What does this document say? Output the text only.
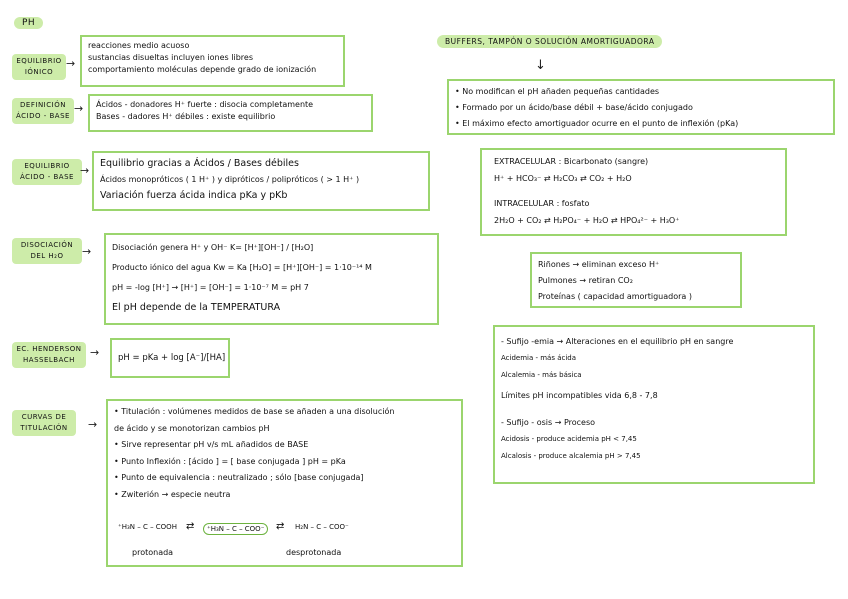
PH
EQUILIBRIO
IÓNICO
→
reacciones medio acuoso
sustancias disueltas incluyen iones libres
comportamiento moléculas depende grado de ionización
DEFINICIÓN
ÁCIDO - BASE
→ Ácidos - donadores H⁺ fuerte : disocia completamente
Bases - dadores H⁺ débiles : existe equilibrio
EQUILIBRIO
ÁCIDO - BASE →
Equilibrio gracias a Ácidos / Bases débiles
Ácidos monopróticos ( 1 H⁺ ) y dipróticos / polipróticos ( > 1 H⁺ )
Variación fuerza ácida indica pKa y pKb
DISOCIACIÓN
DEL H₂O	→	Disociación genera H⁺ y OH⁻ K= [H⁺][OH⁻] / [H₂O]
Producto iónico del agua Kw = Ka [H₂O] = [H⁺][OH⁻] = 1·10⁻¹⁴ M
pH = -log [H⁺] → [H⁺] = [OH⁻] = 1·10⁻⁷ M = pH 7
El pH depende de la TEMPERATURA
EC. HENDERSON
HASSELBACH
→ pH = pKa + log [A⁻]/[HA]
CURVAS DE
TITULACIÓN	→
• Titulación : volúmenes medidos de base se añaden a una disolución
de ácido y se monotorizan cambios pH
• Sirve representar pH v/s mL añadidos de BASE
• Punto Inflexión : [ácido ] = [ base conjugada ] pH = pKa
• Punto de equivalencia : neutralizado ; sólo [base conjugada]
• Zwiterión → especie neutra
⁺H₃N – C – COOH ⇄	⁺H₃N – C – COO⁻	⇄ H₂N – C – COO⁻
protonada	desprotonada
BUFFERS, TAMPÓN O SOLUCIÓN AMORTIGUADORA
↓
• No modifican el pH añaden pequeñas cantidades
• Formado por un ácido/base débil + base/ácido conjugado
• El máximo efecto amortiguador ocurre en el punto de inflexión (pKa)
EXTRACELULAR : Bicarbonato (sangre)
H⁺ + HCO₃⁻ ⇄ H₂CO₃ ⇄ CO₂ + H₂O
INTRACELULAR : fosfato
2H₂O + CO₂ ⇄ H₂PO₄⁻ + H₂O ⇄ HPO₄²⁻ + H₃O⁺
Riñones → eliminan exceso H⁺
Pulmones → retiran CO₂
Proteínas ( capacidad amortiguadora )
- Sufijo -emia → Alteraciones en el equilibrio pH en sangre
Acidemia - más ácida
Alcalemia - más básica
Límites pH incompatibles vida 6,8 - 7,8
- Sufijo - osis → Proceso
Acidosis - produce acidemia pH < 7,45
Alcalosis - produce alcalemia pH > 7,45
